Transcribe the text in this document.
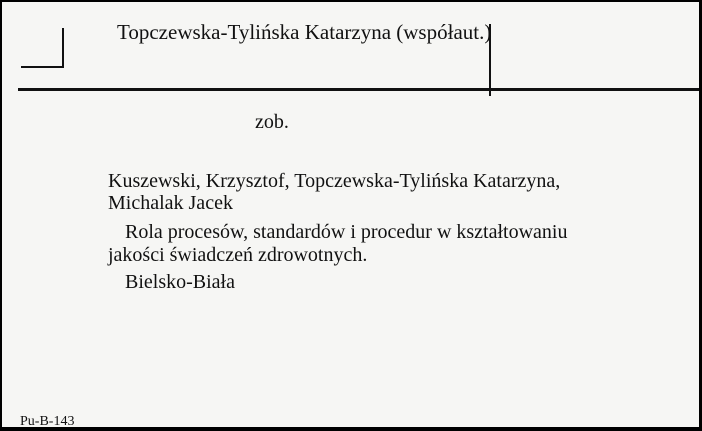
Topczewska-Tylińska Katarzyna (współaut.)
zob.
Kuszewski, Krzysztof, Topczewska-Tylińska Katarzyna,
Michalak Jacek
Rola procesów, standardów i procedur w kształtowaniu
jakości świadczeń zdrowotnych.
Bielsko-Biała
Pu-B-143
